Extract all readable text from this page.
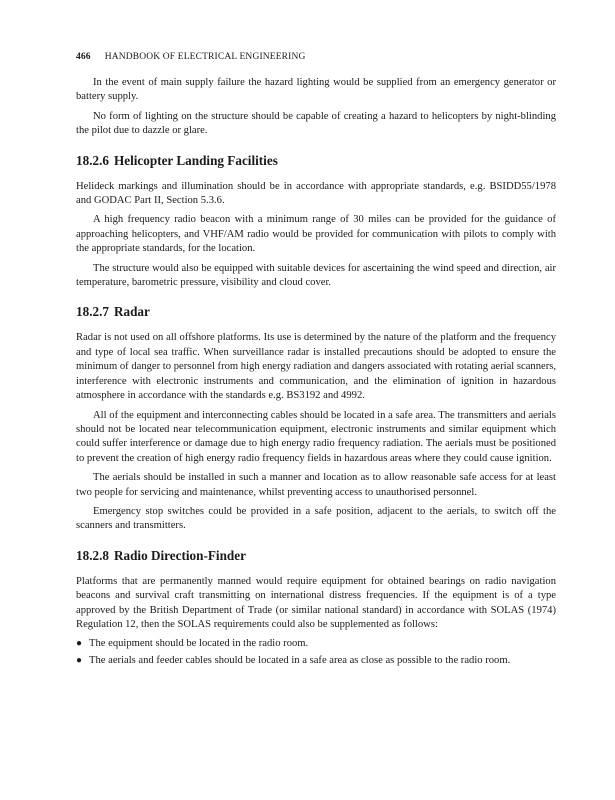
466 HANDBOOK OF ELECTRICAL ENGINEERING

In the event of main supply failure the hazard lighting would be supplied from an emergency generator or battery supply.

No form of lighting on the structure should be capable of creating a hazard to helicopters by night-blinding the pilot due to dazzle or glare.

18.2.6 Helicopter Landing Facilities

Helideck markings and illumination should be in accordance with appropriate standards, e.g. BSIDD55/1978 and GODAC Part II, Section 5.3.6.

A high frequency radio beacon with a minimum range of 30 miles can be provided for the guidance of approaching helicopters, and VHF/AM radio would be provided for communication with pilots to comply with the appropriate standards, for the location.

The structure would also be equipped with suitable devices for ascertaining the wind speed and direction, air temperature, barometric pressure, visibility and cloud cover.

18.2.7 Radar

Radar is not used on all offshore platforms. Its use is determined by the nature of the platform and the frequency and type of local sea traffic. When surveillance radar is installed precautions should be adopted to ensure the minimum of danger to personnel from high energy radiation and dangers associated with rotating aerial scanners, interference with electronic instruments and communication, and the elimination of ignition in hazardous atmosphere in accordance with the standards e.g. BS3192 and 4992.

All of the equipment and interconnecting cables should be located in a safe area. The transmitters and aerials should not be located near telecommunication equipment, electronic instruments and similar equipment which could suffer interference or damage due to high energy radio frequency radiation. The aerials must be positioned to prevent the creation of high energy radio frequency fields in hazardous areas where they could cause ignition.

The aerials should be installed in such a manner and location as to allow reasonable safe access for at least two people for servicing and maintenance, whilst preventing access to unauthorised personnel.

Emergency stop switches could be provided in a safe position, adjacent to the aerials, to switch off the scanners and transmitters.

18.2.8 Radio Direction-Finder

Platforms that are permanently manned would require equipment for obtained bearings on radio navigation beacons and survival craft transmitting on international distress frequencies. If the equipment is of a type approved by the British Department of Trade (or similar national standard) in accordance with SOLAS (1974) Regulation 12, then the SOLAS requirements could also be supplemented as follows:

● The equipment should be located in the radio room.
● The aerials and feeder cables should be located in a safe area as close as possible to the radio room.
